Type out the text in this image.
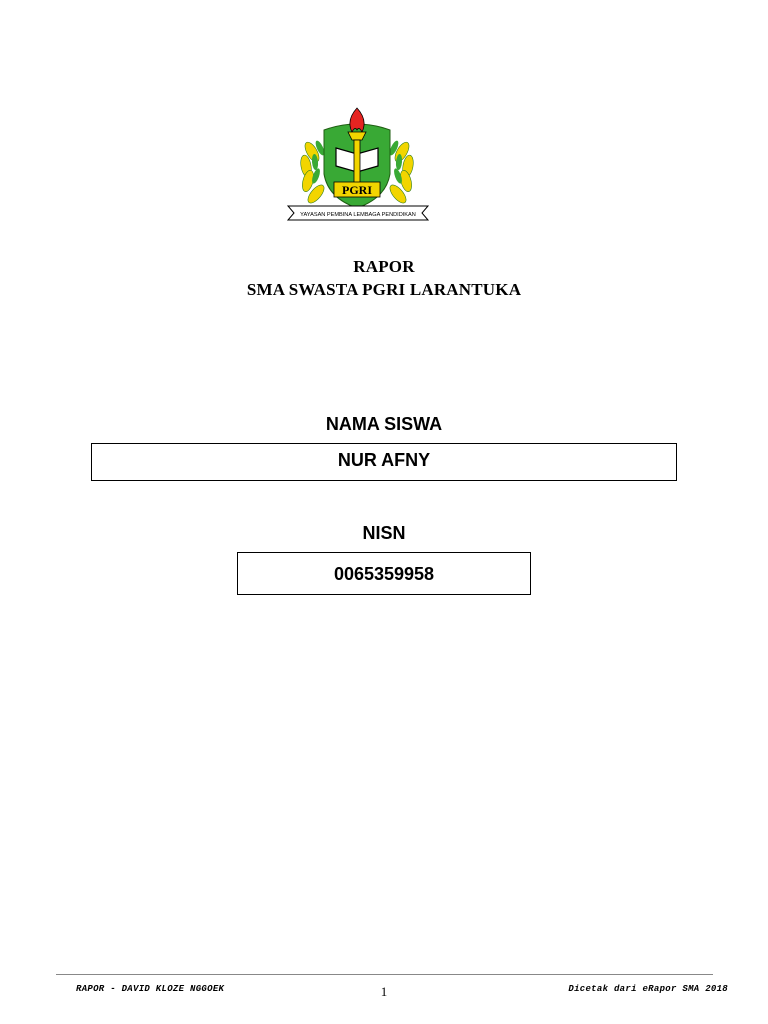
PGRI
YAYASAN PEMBINA LEMBAGA PENDIDIKAN
RAPOR
SMA SWASTA PGRI LARANTUKA
NAMA SISWA
NUR AFNY
NISN
0065359958
RAPOR - DAVID KLOZE NGGOEK	1	Dicetak dari eRapor SMA 2018
